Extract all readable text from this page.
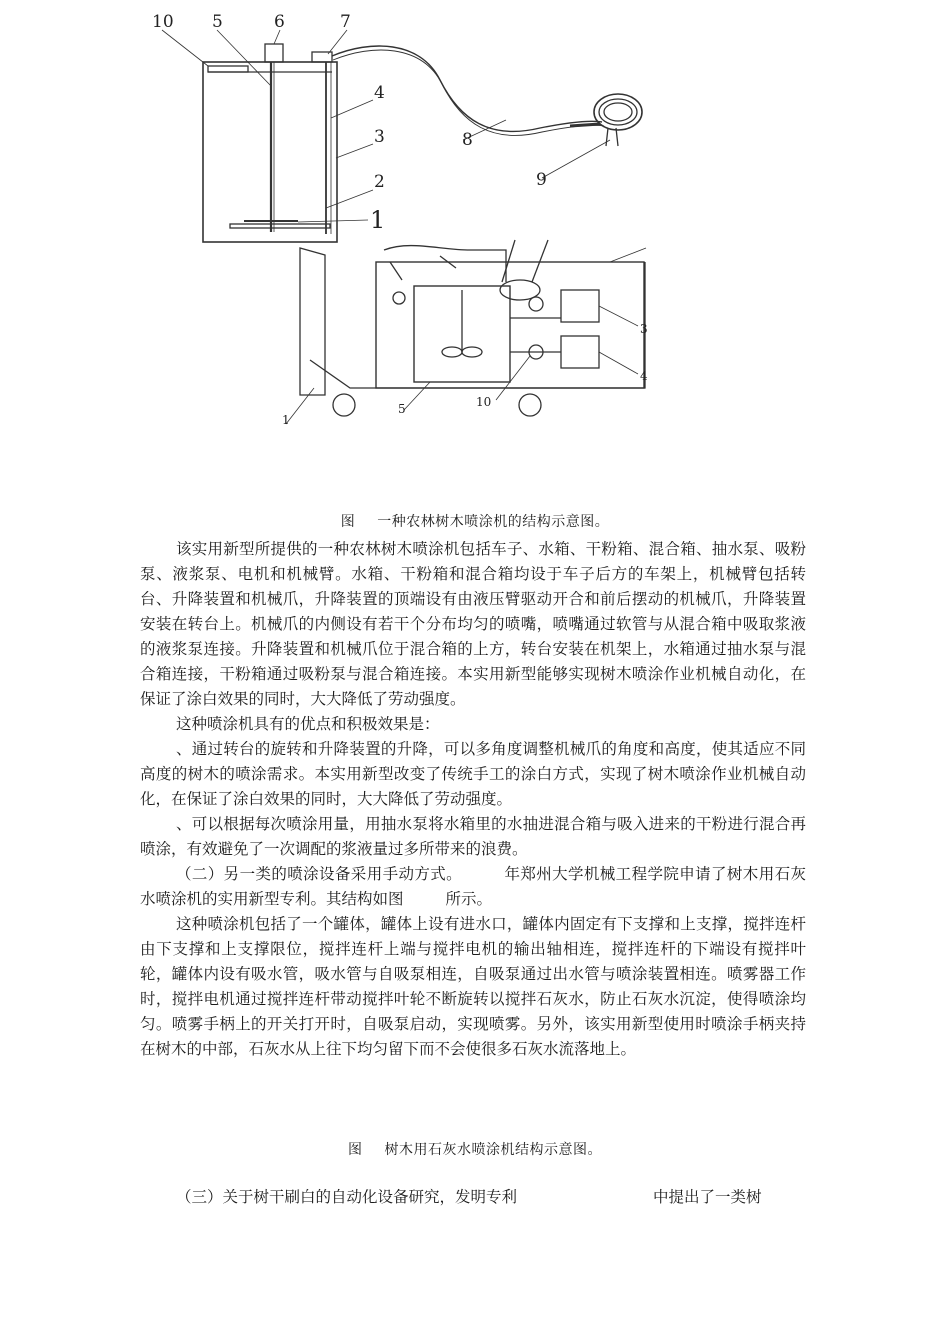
10 5	6	7
4
3
2
1
8
9
3
4
1
5	10
图 一种农林树木喷涂机的结构示意图。

该实用新型所提供的一种农林树木喷涂机包括车子、水箱、干粉箱、混合箱、抽水泵、吸粉泵、液浆泵、电机和机械臂。水箱、干粉箱和混合箱均设于车子后方的车架上，机械臂包括转台、升降装置和机械爪，升降装置的顶端设有由液压臂驱动开合和前后摆动的机械爪，升降装置安装在转台上。机械爪的内侧设有若干个分布均匀的喷嘴，喷嘴通过软管与从混合箱中吸取浆液的液浆泵连接。升降装置和机械爪位于混合箱的上方，转台安装在机架上，水箱通过抽水泵与混合箱连接，干粉箱通过吸粉泵与混合箱连接。本实用新型能够实现树木喷涂作业机械自动化，在保证了涂白效果的同时，大大降低了劳动强度。

这种喷涂机具有的优点和积极效果是：

、通过转台的旋转和升降装置的升降，可以多角度调整机械爪的角度和高度，使其适应不同高度的树木的喷涂需求。本实用新型改变了传统手工的涂白方式，实现了树木喷涂作业机械自动化，在保证了涂白效果的同时，大大降低了劳动强度。

、可以根据每次喷涂用量，用抽水泵将水箱里的水抽进混合箱与吸入进来的干粉进行混合再喷涂，有效避免了一次调配的浆液量过多所带来的浪费。

（二）另一类的喷涂设备采用手动方式。	年郑州大学机械工程学院申请了树木用石灰水喷涂机的实用新型专利。其结构如图	所示。

这种喷涂机包括了一个罐体，罐体上设有进水口，罐体内固定有下支撑和上支撑，搅拌连杆由下支撑和上支撑限位，搅拌连杆上端与搅拌电机的输出轴相连，搅拌连杆的下端设有搅拌叶轮，罐体内设有吸水管，吸水管与自吸泵相连，自吸泵通过出水管与喷涂装置相连。喷雾器工作时，搅拌电机通过搅拌连杆带动搅拌叶轮不断旋转以搅拌石灰水，防止石灰水沉淀，使得喷涂均匀。喷雾手柄上的开关打开时，自吸泵启动，实现喷雾。另外，该实用新型使用时喷涂手柄夹持在树木的中部，石灰水从上往下均匀留下而不会使很多石灰水流落地上。

图 树木用石灰水喷涂机结构示意图。

（三）关于树干刷白的自动化设备研究，发明专利	中提出了一类树
